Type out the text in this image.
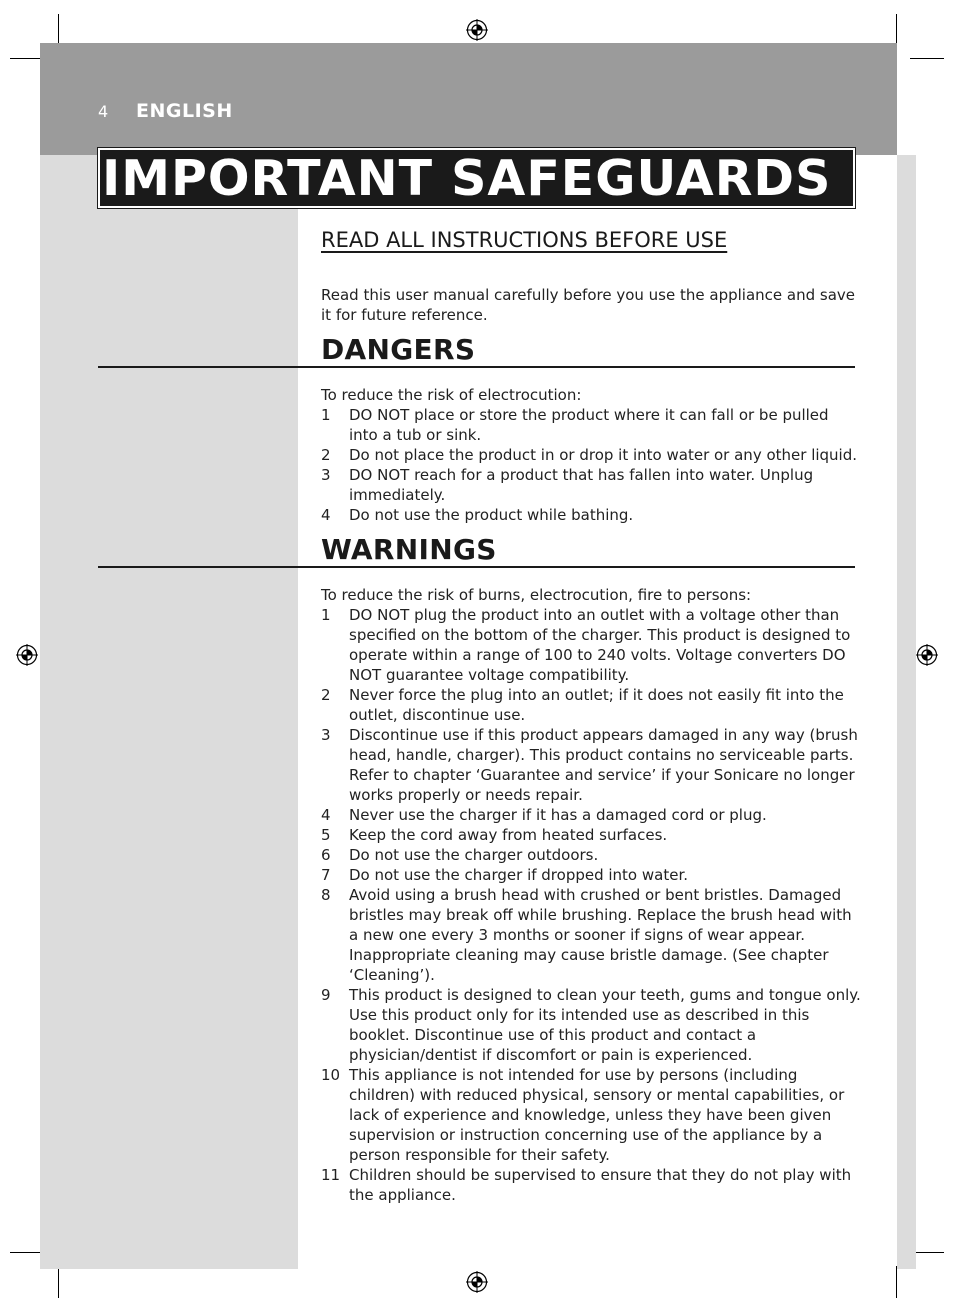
4 ENGLISH
IMPORTANT SAFEGUARDS
READ ALL INSTRUCTIONS BEFORE USE
Read this user manual carefully before you use the appliance and save it for future reference.
DANGERS
To reduce the risk of electrocution:
1 DO NOT place or store the product where it can fall or be pulled into a tub or sink.
2 Do not place the product in or drop it into water or any other liquid.
3 DO NOT reach for a product that has fallen into water. Unplug immediately.
4 Do not use the product while bathing.
WARNINGS
To reduce the risk of burns, electrocution, fire to persons:
1 DO NOT plug the product into an outlet with a voltage other than specified on the bottom of the charger. This product is designed to operate within a range of 100 to 240 volts. Voltage converters DO NOT guarantee voltage compatibility.
2 Never force the plug into an outlet; if it does not easily fit into the outlet, discontinue use.
3 Discontinue use if this product appears damaged in any way (brush head, handle, charger). This product contains no serviceable parts. Refer to chapter ‘Guarantee and service’ if your Sonicare no longer works properly or needs repair.
4 Never use the charger if it has a damaged cord or plug.
5 Keep the cord away from heated surfaces.
6 Do not use the charger outdoors.
7 Do not use the charger if dropped into water.
8 Avoid using a brush head with crushed or bent bristles. Damaged bristles may break off while brushing. Replace the brush head with a new one every 3 months or sooner if signs of wear appear. Inappropriate cleaning may cause bristle damage. (See chapter ‘Cleaning’).
9 This product is designed to clean your teeth, gums and tongue only. Use this product only for its intended use as described in this booklet. Discontinue use of this product and contact a physician/dentist if discomfort or pain is experienced.
10 This appliance is not intended for use by persons (including children) with reduced physical, sensory or mental capabilities, or lack of experience and knowledge, unless they have been given supervision or instruction concerning use of the appliance by a person responsible for their safety.
11 Children should be supervised to ensure that they do not play with the appliance.
